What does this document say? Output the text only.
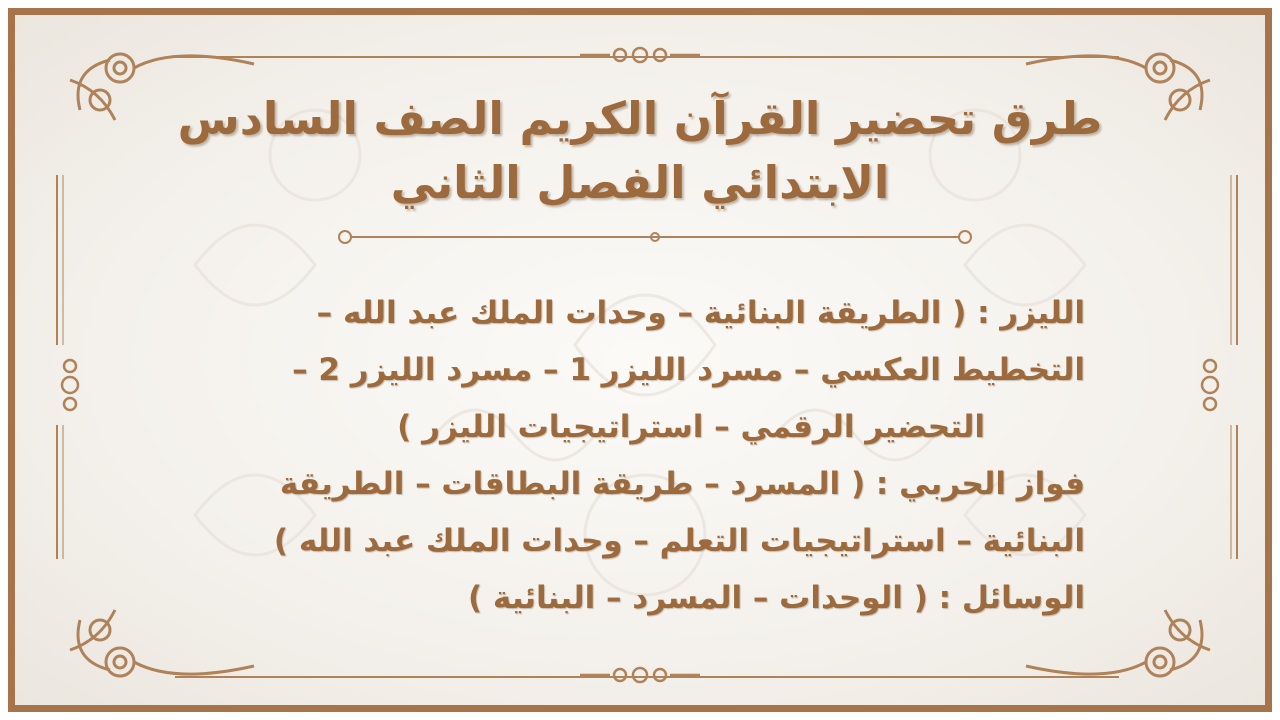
طرق تحضير القرآن الكريم الصف السادس
الابتدائي الفصل الثاني
الليزر : ( الطريقة البنائية – وحدات الملك عبد الله –
التخطيط العكسي – مسرد الليزر 1 – مسرد الليزر 2 –
التحضير الرقمي – استراتيجيات الليزر )
فواز الحربي : ( المسرد – طريقة البطاقات – الطريقة
البنائية – استراتيجيات التعلم – وحدات الملك عبد الله )
الوسائل : ( الوحدات – المسرد – البنائية )
